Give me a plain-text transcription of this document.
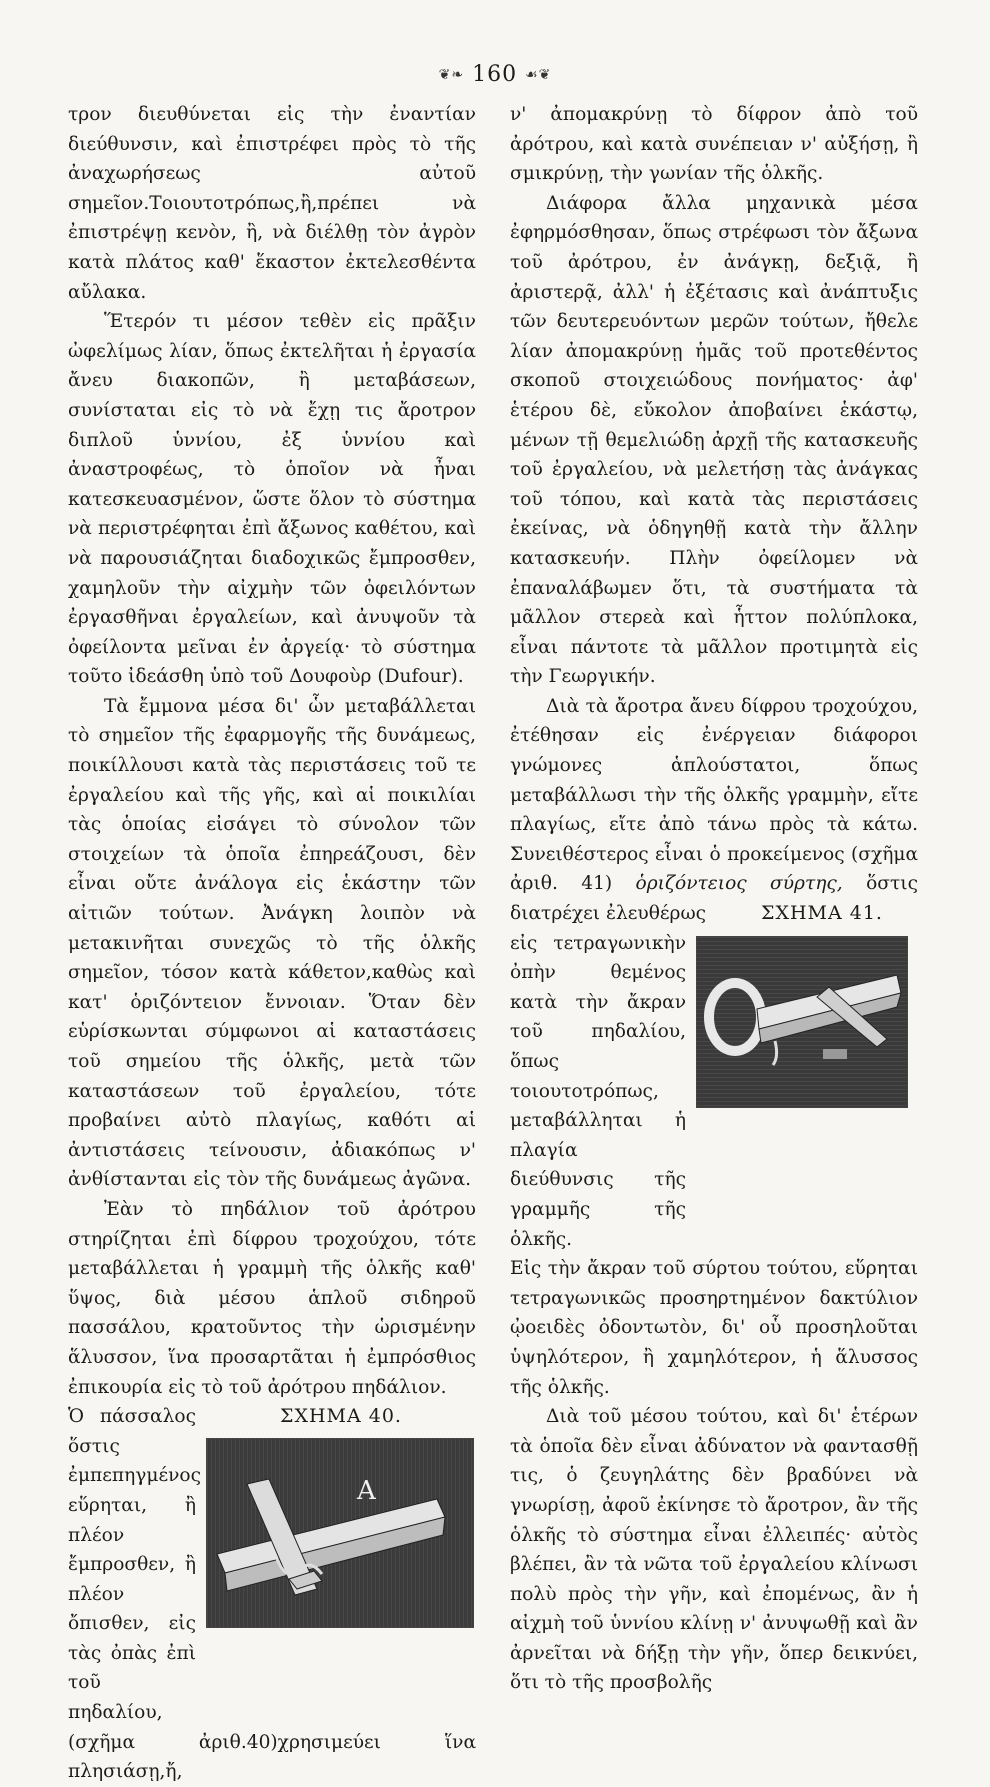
❦❧ 160 ☙❦

τρον διευθύνεται εἰς τὴν ἐναντίαν διεύθυνσιν, καὶ ἐπιστρέφει πρὸς τὸ τῆς ἀναχωρήσεως αὐτοῦ σημεῖον.Τοιουτοτρόπως,ἢ,πρέπει νὰ ἐπιστρέψῃ κενὸν, ἢ, νὰ διέλθῃ τὸν ἀγρὸν κατὰ πλάτος καθ' ἕκαστον ἐκτελεσθέντα αὔλακα.

Ἕτερόν τι μέσον τεθὲν εἰς πρᾶξιν ὠφελίμως λίαν, ὅπως ἐκτελῆται ἡ ἐργασία ἄνευ διακοπῶν, ἢ μεταβάσεων, συνίσταται εἰς τὸ νὰ ἔχῃ τις ἄροτρον διπλοῦ ὑννίου, ἐξ ὑννίου καὶ ἀναστροφέως, τὸ ὁποῖον νὰ ἦναι κατεσκευασμένον, ὥστε ὅλον τὸ σύστημα νὰ περιστρέφηται ἐπὶ ἄξωνος καθέτου, καὶ νὰ παρουσιάζηται διαδοχικῶς ἔμπροσθεν, χαμηλοῦν τὴν αἰχμὴν τῶν ὀφειλόντων ἐργασθῆναι ἐργαλείων, καὶ ἀνυψοῦν τὰ ὀφείλοντα μεῖναι ἐν ἀργείᾳ· τὸ σύστημα τοῦτο ἰδεάσθη ὑπὸ τοῦ Δουφοὺρ (Dufour).

Τὰ ἔμμονα μέσα δι' ὧν μεταβάλλεται τὸ σημεῖον τῆς ἐφαρμογῆς τῆς δυνάμεως, ποικίλλουσι κατὰ τὰς περιστάσεις τοῦ τε ἐργαλείου καὶ τῆς γῆς, καὶ αἱ ποικιλίαι τὰς ὁποίας εἰσάγει τὸ σύνολον τῶν στοιχείων τὰ ὁποῖα ἐπηρεάζουσι, δὲν εἶναι οὔτε ἀνάλογα εἰς ἑκάστην τῶν αἰτιῶν τούτων. Ἀνάγκη λοιπὸν νὰ μετακινῆται συνεχῶς τὸ τῆς ὁλκῆς σημεῖον, τόσον κατὰ κάθετον,καθὼς καὶ κατ' ὁριζόντειον ἔννοιαν. Ὅταν δὲν εὑρίσκωνται σύμφωνοι αἱ καταστάσεις τοῦ σημείου τῆς ὁλκῆς, μετὰ τῶν καταστάσεων τοῦ ἐργαλείου, τότε προβαίνει αὐτὸ πλαγίως, καθότι αἱ ἀντιστάσεις τείνουσιν, ἀδιακόπως ν' ἀνθίστανται εἰς τὸν τῆς δυνάμεως ἀγῶνα.

Ἐὰν τὸ πηδάλιον τοῦ ἀρότρου στηρίζηται ἐπὶ δίφρου τροχούχου, τότε μεταβάλλεται ἡ γραμμὴ τῆς ὁλκῆς καθ' ὕψος, διὰ μέσου ἁπλοῦ σιδηροῦ πασσάλου, κρατοῦντος τὴν ὡρισμένην ἅλυσσον, ἵνα προσαρτᾶται ἡ ἐμπρόσθιος ἐπικουρία εἰς τὸ τοῦ ἀρότρου πηδάλιον.

Ὁ πάσσαλος ὅστις ἐμπεπηγμένος εὕρηται, ἢ πλέον ἔμπροσθεν, ἢ πλέον ὄπισθεν, εἰς τὰς ὀπὰς ἐπὶ τοῦ πηδαλίου,

ΣΧΗΜΑ 40.
A

(σχῆμα ἀριθ.40)χρησιμεύει ἵνα πλησιάσῃ,ἤ,

ν' ἀπομακρύνῃ τὸ δίφρον ἀπὸ τοῦ ἀρότρου, καὶ κατὰ συνέπειαν ν' αὐξήσῃ, ἢ σμικρύνῃ, τὴν γωνίαν τῆς ὁλκῆς.

Διάφορα ἄλλα μηχανικὰ μέσα ἐφηρμόσθησαν, ὅπως στρέφωσι τὸν ἄξωνα τοῦ ἀρότρου, ἐν ἀνάγκῃ, δεξιᾷ, ἢ ἀριστερᾷ, ἀλλ' ἡ ἐξέτασις καὶ ἀνάπτυξις τῶν δευτερευόντων μερῶν τούτων, ἤθελε λίαν ἀπομακρύνῃ ἡμᾶς τοῦ προτεθέντος σκοποῦ στοιχειώδους πονήματος· ἀφ' ἑτέρου δὲ, εὔκολον ἀποβαίνει ἑκάστῳ, μένων τῇ θεμελιώδῃ ἀρχῇ τῆς κατασκευῆς τοῦ ἐργαλείου, νὰ μελετήσῃ τὰς ἀνάγκας τοῦ τόπου, καὶ κατὰ τὰς περιστάσεις ἐκείνας, νὰ ὁδηγηθῇ κατὰ τὴν ἄλλην κατασκευήν. Πλὴν ὀφείλομεν νὰ ἐπαναλάβωμεν ὅτι, τὰ συστήματα τὰ μᾶλλον στερεὰ καὶ ἧττον πολύπλοκα, εἶναι πάντοτε τὰ μᾶλλον προτιμητὰ εἰς τὴν Γεωργικήν.

Διὰ τὰ ἄροτρα ἄνευ δίφρου τροχούχου, ἐτέθησαν εἰς ἐνέργειαν διάφοροι γνώμονες ἁπλούστατοι, ὅπως μεταβάλλωσι τὴν τῆς ὁλκῆς γραμμὴν, εἴτε πλαγίως, εἴτε ἀπὸ τάνω πρὸς τὰ κάτω. Συνειθέστερος εἶναι ὁ προκείμενος (σχῆμα ἀριθ. 41) ὁριζόντειος σύρτης, ὅστις διατρέχει ἐλευθέρως

εἰς τετραγωνικὴν ὀπὴν θεμένος κατὰ τὴν ἄκραν τοῦ πηδαλίου, ὅπως τοιουτοτρόπως, μεταβάλληται ἡ πλαγία διεύθυνσις τῆς γραμμῆς τῆς ὁλκῆς.

ΣΧΗΜΑ 41.

Εἰς τὴν ἄκραν τοῦ σύρτου τούτου, εὕρηται τετραγωνικῶς προσηρτημένον δακτύλιον ᾠοειδὲς ὀδοντωτὸν, δι' οὗ προσηλοῦται ὑψηλότερον, ἢ χαμηλότερον, ἡ ἅλυσσος τῆς ὁλκῆς.

Διὰ τοῦ μέσου τούτου, καὶ δι' ἑτέρων τὰ ὁποῖα δὲν εἶναι ἀδύνατον νὰ φαντασθῇ τις, ὁ ζευγηλάτης δὲν βραδύνει νὰ γνωρίσῃ, ἀφοῦ ἐκίνησε τὸ ἄροτρον, ἂν τῆς ὁλκῆς τὸ σύστημα εἶναι ἐλλειπές· αὐτὸς βλέπει, ἂν τὰ νῶτα τοῦ ἐργαλείου κλίνωσι πολὺ πρὸς τὴν γῆν, καὶ ἐπομένως, ἂν ἡ αἰχμὴ τοῦ ὑννίου κλίνῃ ν' ἀνυψωθῇ καὶ ἂν ἀρνεῖται νὰ δήξῃ τὴν γῆν, ὅπερ δεικνύει, ὅτι τὸ τῆς προσβολῆς
